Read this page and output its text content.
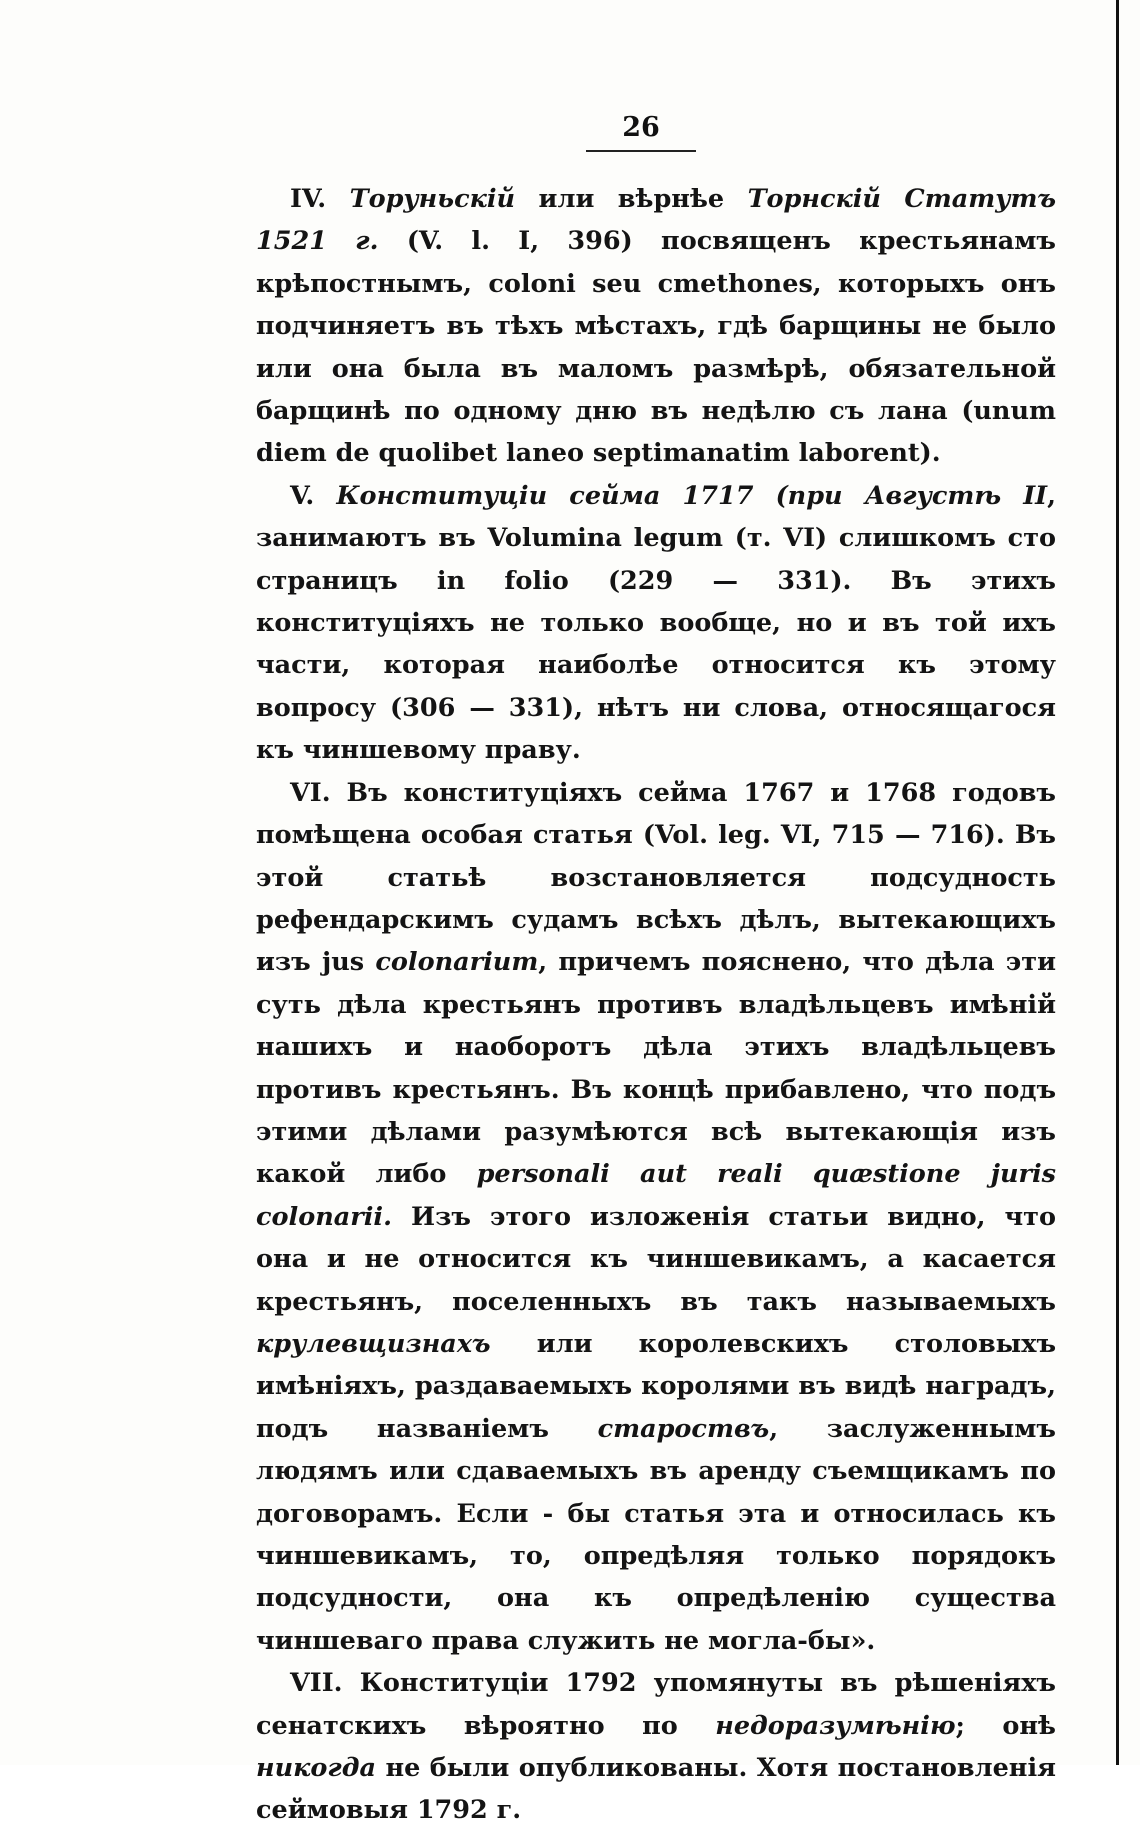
26

IV. Торуньскій или вѣрнѣе Торнскій Статутъ 1521 г. (V. l. I, 396) посвященъ крестьянамъ крѣпостнымъ, coloni seu cmethones, которыхъ онъ подчиняетъ въ тѣхъ мѣстахъ, гдѣ барщины не было или она была въ маломъ размѣрѣ, обязательной барщинѣ по одному дню въ недѣлю съ лана (unum diem de quolibet laneo septimanatim laborent).

V. Конституціи сейма 1717 (при Августѣ II, занимаютъ въ Volumina legum (т. VI) слишкомъ сто страницъ in folio (229 — 331). Въ этихъ конституціяхъ не только вообще, но и въ той ихъ части, которая наиболѣе относится къ этому вопросу (306 — 331), нѣтъ ни слова, относящагося къ чиншевому праву.

VI. Въ конституціяхъ сейма 1767 и 1768 годовъ помѣщена особая статья (Vol. leg. VI, 715 — 716). Въ этой статьѣ возстановляется подсудность рефендарскимъ судамъ всѣхъ дѣлъ, вытекающихъ изъ jus colonarium, причемъ пояснено, что дѣла эти суть дѣла крестьянъ противъ владѣльцевъ имѣній нашихъ и наоборотъ дѣла этихъ владѣльцевъ противъ крестьянъ. Въ концѣ прибавлено, что подъ этими дѣлами разумѣются всѣ вытекающія изъ какой либо personali aut reali quæstione juris colonarii. Изъ этого изложенія статьи видно, что она и не относится къ чиншевикамъ, а касается крестьянъ, поселенныхъ въ такъ называемыхъ крулевщизнахъ или королевскихъ столовыхъ имѣніяхъ, раздаваемыхъ королями въ видѣ наградъ, подъ названіемъ староствъ, заслуженнымъ людямъ или сдаваемыхъ въ аренду съемщикамъ по договорамъ. Если - бы статья эта и относилась къ чиншевикамъ, то, опредѣляя только порядокъ подсудности, она къ опредѣленію существа чиншеваго права служить не могла-бы».

VII. Конституціи 1792 упомянуты въ рѣшеніяхъ сенатскихъ вѣроятно по недоразумѣнію; онѣ никогда не были опубликованы. Хотя постановленія сеймовыя 1792 г.
